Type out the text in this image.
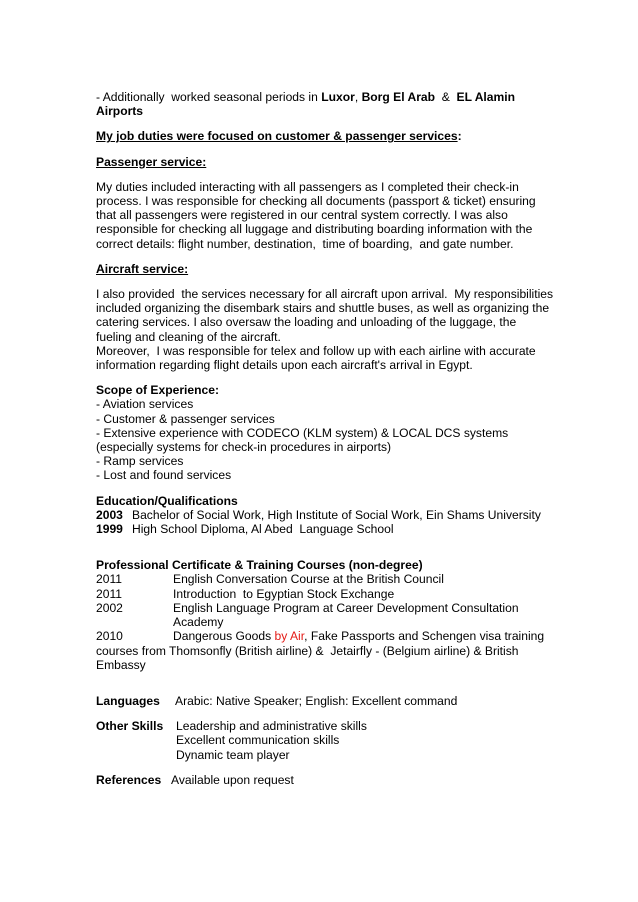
- Additionally  worked seasonal periods in Luxor, Borg El Arab  &  EL Alamin
Airports
My job duties were focused on customer & passenger services:
Passenger service:
My duties included interacting with all passengers as I completed their check-in
process. I was responsible for checking all documents (passport & ticket) ensuring
that all passengers were registered in our central system correctly. I was also
responsible for checking all luggage and distributing boarding information with the
correct details: flight number, destination,  time of boarding,  and gate number.
Aircraft service:
I also provided  the services necessary for all aircraft upon arrival.  My responsibilities
included organizing the disembark stairs and shuttle buses, as well as organizing the
catering services. I also oversaw the loading and unloading of the luggage, the
fueling and cleaning of the aircraft.
Moreover,  I was responsible for telex and follow up with each airline with accurate
information regarding flight details upon each aircraft's arrival in Egypt.
Scope of Experience:
- Aviation services
- Customer & passenger services
- Extensive experience with CODECO (KLM system) & LOCAL DCS systems
(especially systems for check-in procedures in airports)
- Ramp services
- Lost and found services
Education/Qualifications
2003 Bachelor of Social Work, High Institute of Social Work, Ein Shams University
1999 High School Diploma, Al Abed  Language School
Professional Certificate & Training Courses (non-degree)
2011	English Conversation Course at the British Council
2011	Introduction  to Egyptian Stock Exchange
2002	English Language Program at Career Development Consultation
Academy
2010	Dangerous Goods by Air, Fake Passports and Schengen visa training
courses from Thomsonfly (British airline) &  Jetairfly - (Belgium airline) & British
Embassy
Languages	Arabic: Native Speaker; English: Excellent command
Other Skills	Leadership and administrative skills
Excellent communication skills
Dynamic team player
References Available upon request
